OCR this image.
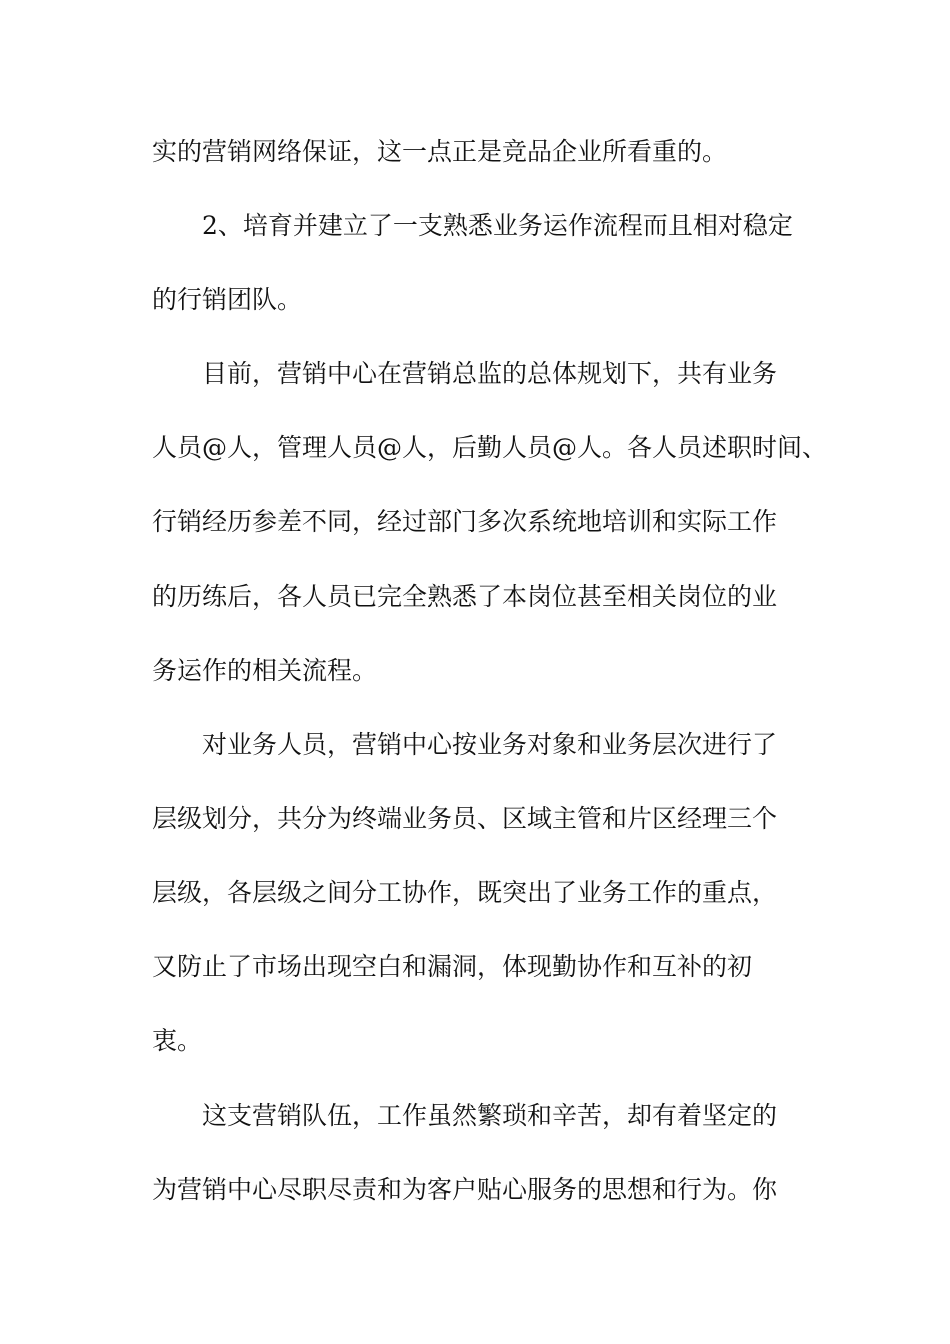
实的营销网络保证，这一点正是竞品企业所看重的。
2、培育并建立了一支熟悉业务运作流程而且相对稳定
的行销团队。
目前，营销中心在营销总监的总体规划下，共有业务
人员@人，管理人员@人，后勤人员@人。各人员述职时间、
行销经历参差不同，经过部门多次系统地培训和实际工作
的历练后，各人员已完全熟悉了本岗位甚至相关岗位的业
务运作的相关流程。
对业务人员，营销中心按业务对象和业务层次进行了
层级划分，共分为终端业务员、区域主管和片区经理三个
层级，各层级之间分工协作，既突出了业务工作的重点，
又防止了市场出现空白和漏洞，体现勤协作和互补的初
衷。
这支营销队伍，工作虽然繁琐和辛苦，却有着坚定的
为营销中心尽职尽责和为客户贴心服务的思想和行为。你
